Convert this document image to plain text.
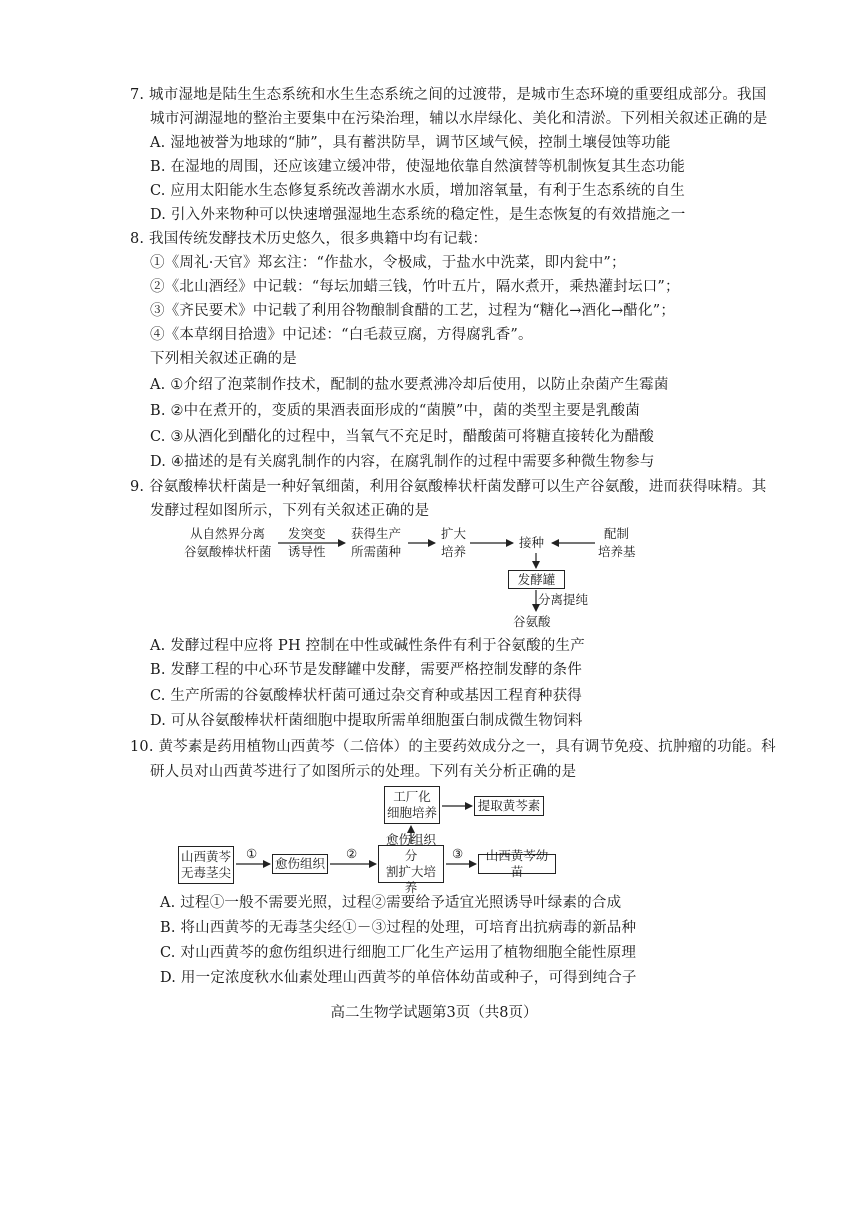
7. 城市湿地是陆生生态系统和水生生态系统之间的过渡带，是城市生态环境的重要组成部分。我国
城市河湖湿地的整治主要集中在污染治理，辅以水岸绿化、美化和清淤。下列相关叙述正确的是
A. 湿地被誉为地球的“肺”，具有蓄洪防旱，调节区域气候，控制土壤侵蚀等功能
B. 在湿地的周围，还应该建立缓冲带，使湿地依靠自然演替等机制恢复其生态功能
C. 应用太阳能水生态修复系统改善湖水水质，增加溶氧量，有利于生态系统的自生
D. 引入外来物种可以快速增强湿地生态系统的稳定性，是生态恢复的有效措施之一
8. 我国传统发酵技术历史悠久，很多典籍中均有记载：
①《周礼·天官》郑玄注：“作盐水，令极咸，于盐水中洗菜，即内瓮中”；
②《北山酒经》中记载：“每坛加蜡三钱，竹叶五片，隔水煮开，乘热灌封坛口”；
③《齐民要术》中记载了利用谷物酿制食醋的工艺，过程为“糖化→酒化→醋化”；
④《本草纲目拾遗》中记述：“白毛菽豆腐，方得腐乳香”。
下列相关叙述正确的是
A. ①介绍了泡菜制作技术，配制的盐水要煮沸冷却后使用，以防止杂菌产生霉菌
B. ②中在煮开的，变质的果酒表面形成的“菌膜”中，菌的类型主要是乳酸菌
C. ③从酒化到醋化的过程中，当氧气不充足时，醋酸菌可将糖直接转化为醋酸
D. ④描述的是有关腐乳制作的内容，在腐乳制作的过程中需要多种微生物参与
9. 谷氨酸棒状杆菌是一种好氧细菌，利用谷氨酸棒状杆菌发酵可以生产谷氨酸，进而获得味精。其
发酵过程如图所示，下列有关叙述正确的是
从自然界分离
谷氨酸棒状杆菌
发突变
诱导性
获得生产
所需菌种
扩大
培养
接种
配制
培养基
发酵罐
分离提纯
谷氨酸
A. 发酵过程中应将 PH 控制在中性或碱性条件有利于谷氨酸的生产
B. 发酵工程的中心环节是发酵罐中发酵，需要严格控制发酵的条件
C. 生产所需的谷氨酸棒状杆菌可通过杂交育种或基因工程育种获得
D. 可从谷氨酸棒状杆菌细胞中提取所需单细胞蛋白制成微生物饲料
10. 黄芩素是药用植物山西黄芩（二倍体）的主要药效成分之一，具有调节免疫、抗肿瘤的功能。科
研人员对山西黄芩进行了如图所示的处理。下列有关分析正确的是
工厂化
细胞培养	提取黄芩素
山西黄芩
无毒茎尖
①
愈伤组织
②
愈伤组织分
割扩大培养
③	山西黄芩幼苗
A. 过程①一般不需要光照，过程②需要给予适宜光照诱导叶绿素的合成
B. 将山西黄芩的无毒茎尖经①－③过程的处理，可培育出抗病毒的新品种
C. 对山西黄芩的愈伤组织进行细胞工厂化生产运用了植物细胞全能性原理
D. 用一定浓度秋水仙素处理山西黄芩的单倍体幼苗或种子，可得到纯合子
高二生物学试题第3页（共8页）
